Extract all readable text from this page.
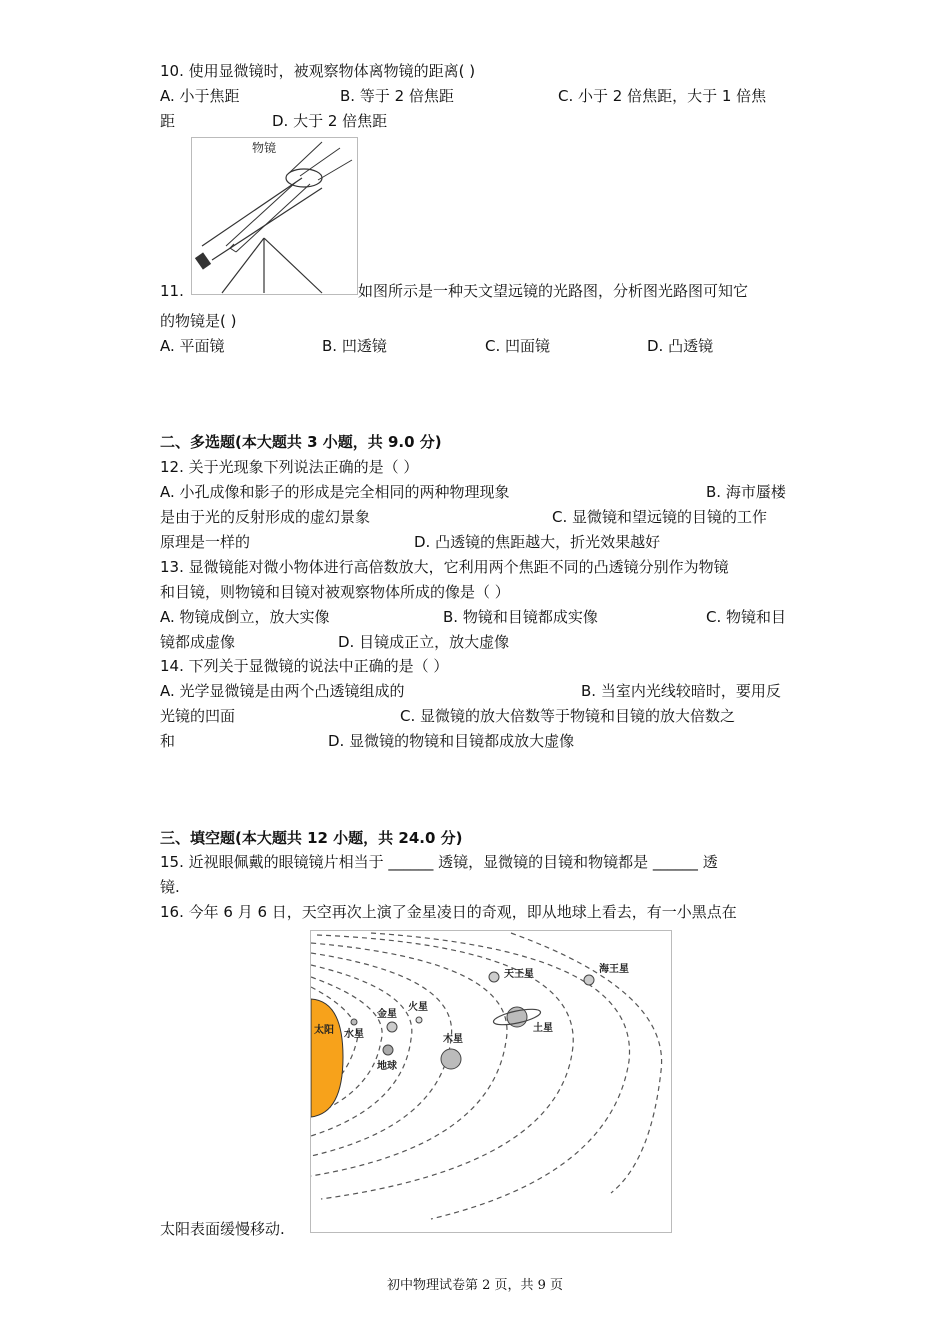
10. 使用显微镜时，被观察物体离物镜的距离( )
A. 小于焦距	B. 等于 2 倍焦距	C. 小于 2 倍焦距，大于 1 倍焦
距	D. 大于 2 倍焦距
物镜
11.	如图所示是一种天文望远镜的光路图，分析图光路图可知它
的物镜是( )
A. 平面镜	B. 凹透镜	C. 凹面镜	D. 凸透镜
二、多选题(本大题共 3 小题，共 9.0 分)
12. 关于光现象下列说法正确的是（ ）
A. 小孔成像和影子的形成是完全相同的两种物理现象	B. 海市蜃楼
是由于光的反射形成的虚幻景象	C. 显微镜和望远镜的目镜的工作
原理是一样的	D. 凸透镜的焦距越大，折光效果越好
13. 显微镜能对微小物体进行高倍数放大，它利用两个焦距不同的凸透镜分别作为物镜
和目镜，则物镜和目镜对被观察物体所成的像是（ ）
A. 物镜成倒立，放大实像	B. 物镜和目镜都成实像	C. 物镜和目
镜都成虚像	D. 目镜成正立，放大虚像
14. 下列关于显微镜的说法中正确的是（ ）
A. 光学显微镜是由两个凸透镜组成的	B. 当室内光线较暗时，要用反
光镜的凹面	C. 显微镜的放大倍数等于物镜和目镜的放大倍数之
和	D. 显微镜的物镜和目镜都成放大虚像
三、填空题(本大题共 12 小题，共 24.0 分)
15. 近视眼佩戴的眼镜镜片相当于 ______ 透镜，显微镜的目镜和物镜都是 ______ 透
镜.
16. 今年 6 月 6 日，天空再次上演了金星凌日的奇观，即从地球上看去，有一小黑点在
太阳 水星
金星
地球
火星
木星
土星
天王星	海王星
太阳表面缓慢移动.
初中物理试卷第 2 页，共 9 页
